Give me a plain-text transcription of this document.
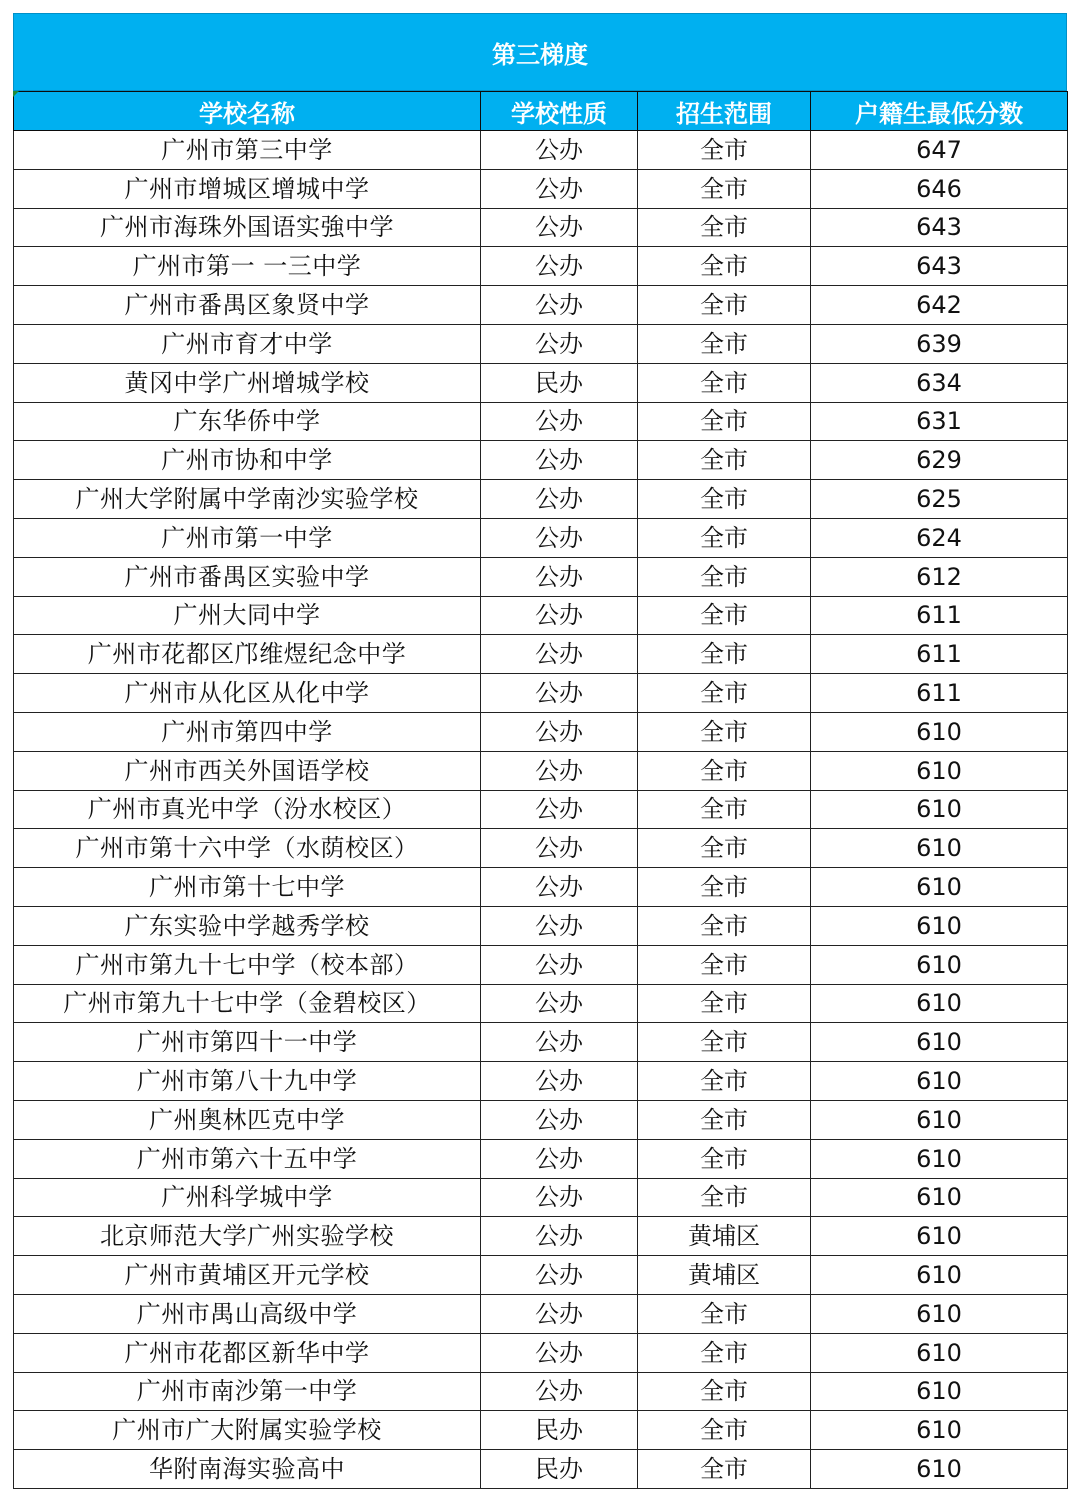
第三梯度
学校名称	学校性质	招生范围	户籍生最低分数
广州市第三中学	公办	全市	647
广州市增城区增城中学	公办	全市	646
广州市海珠外国语实強中学	公办	全市	643
广州市第一 一三中学	公办	全市	643
广州市番禺区象贤中学	公办	全市	642
广州市育才中学	公办	全市	639
黄冈中学广州增城学校	民办	全市	634
广东华侨中学	公办	全市	631
广州市协和中学	公办	全市	629
广州大学附属中学南沙实验学校	公办	全市	625
广州市第一中学	公办	全市	624
广州市番禺区实验中学	公办	全市	612
广州大同中学	公办	全市	611
广州市花都区邝维煜纪念中学	公办	全市	611
广州市从化区从化中学	公办	全市	611
广州市第四中学	公办	全市	610
广州市西关外国语学校	公办	全市	610
广州市真光中学（汾水校区）	公办	全市	610
广州市第十六中学（水荫校区）	公办	全市	610
广州市第十七中学	公办	全市	610
广东实验中学越秀学校	公办	全市	610
广州市第九十七中学（校本部）	公办	全市	610
广州市第九十七中学（金碧校区）	公办	全市	610
广州市第四十一中学	公办	全市	610
广州市第八十九中学	公办	全市	610
广州奥林匹克中学	公办	全市	610
广州市第六十五中学	公办	全市	610
广州科学城中学	公办	全市	610
北京师范大学广州实验学校	公办	黄埔区	610
广州市黄埔区开元学校	公办	黄埔区	610
广州市禺山高级中学	公办	全市	610
广州市花都区新华中学	公办	全市	610
广州市南沙第一中学	公办	全市	610
广州市广大附属实验学校	民办	全市	610
华附南海实验高中	民办	全市	610
